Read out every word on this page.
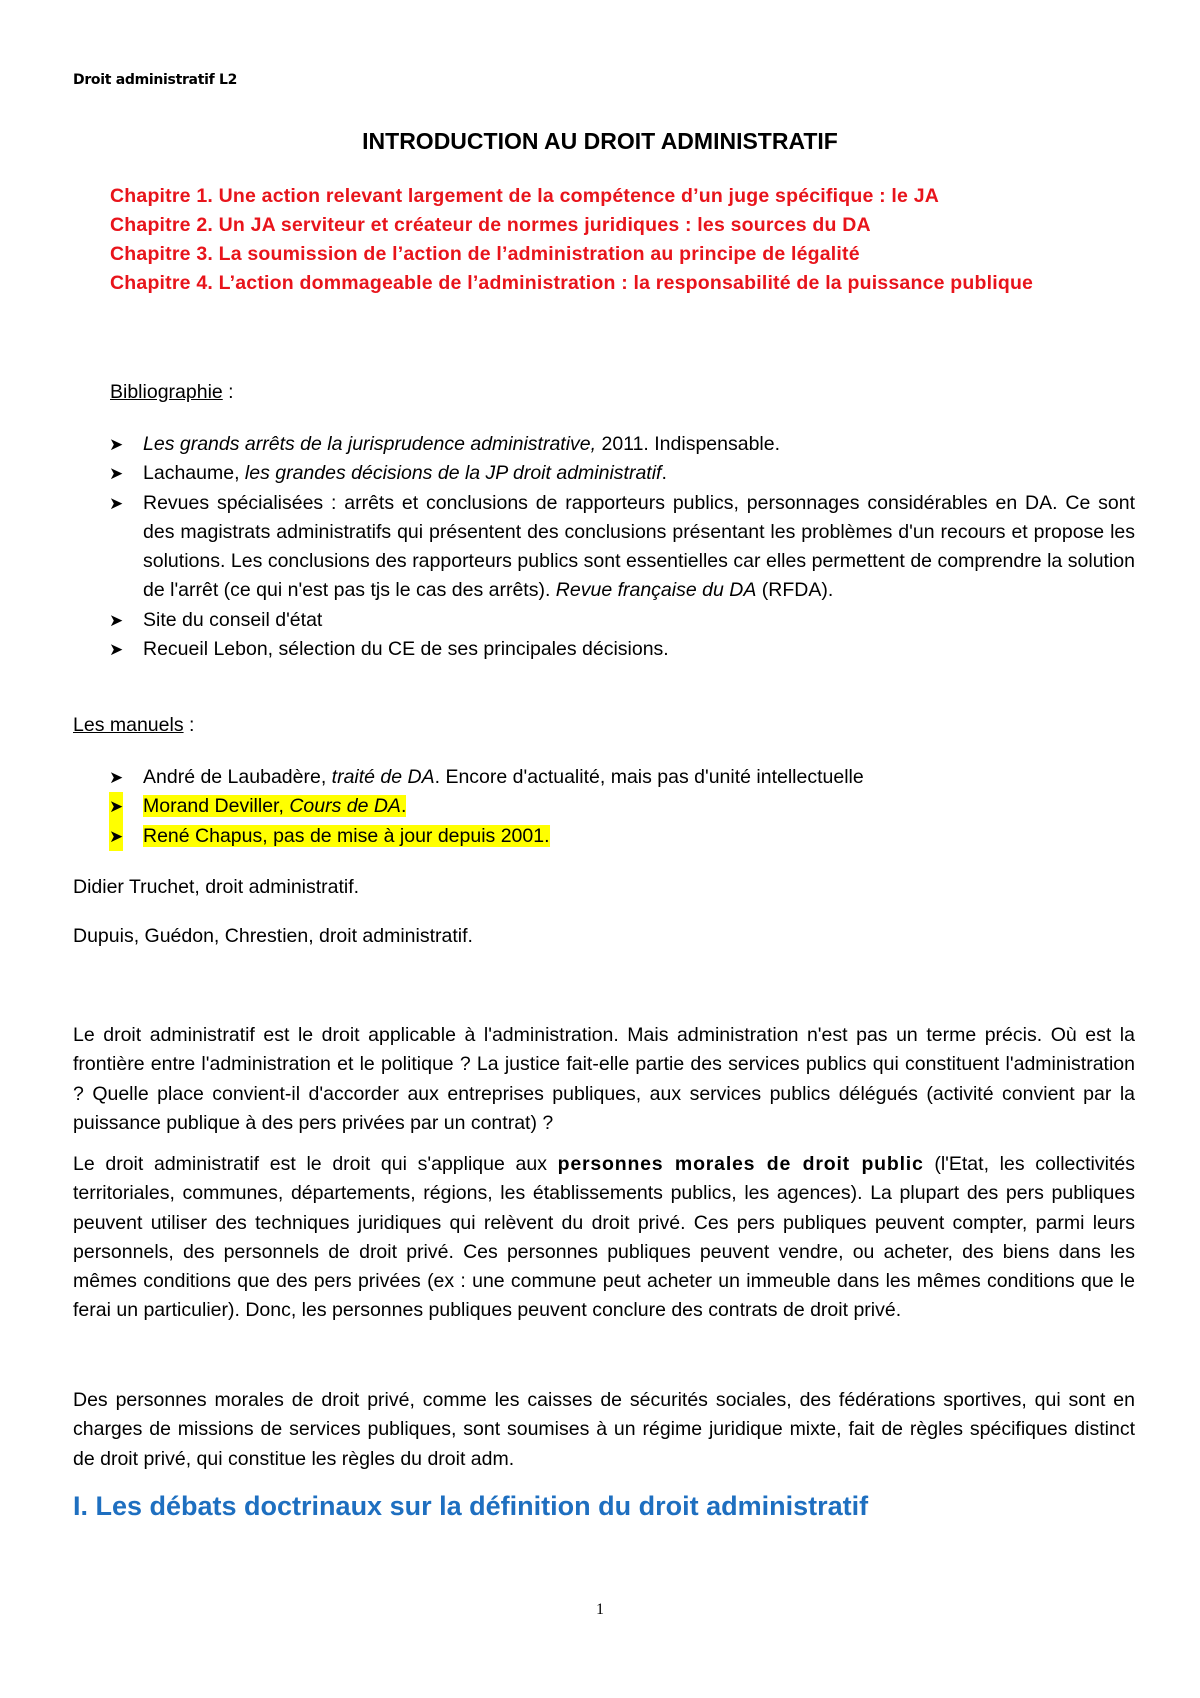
Droit administratif L2
INTRODUCTION AU DROIT ADMINISTRATIF

Chapitre 1. Une action relevant largement de la compétence d’un juge spécifique : le JA

Chapitre 2. Un JA serviteur et créateur de normes juridiques : les sources du DA

Chapitre 3. La soumission de l’action de l’administration au principe de légalité

Chapitre 4. L’action dommageable de l’administration : la responsabilité de la puissance publique

Bibliographie :
➤ Les grands arrêts de la jurisprudence administrative, 2011. Indispensable.
➤ Lachaume, les grandes décisions de la JP droit administratif.
➤ Revues spécialisées : arrêts et conclusions de rapporteurs publics, personnages considérables en DA. Ce sont des magistrats administratifs qui présentent des conclusions présentant les problèmes d'un recours et propose les solutions. Les conclusions des rapporteurs publics sont essentielles car elles permettent de comprendre la solution de l'arrêt (ce qui n'est pas tjs le cas des arrêts). Revue française du DA (RFDA).
➤ Site du conseil d'état
➤ Recueil Lebon, sélection du CE de ses principales décisions.
Les manuels :
➤ André de Laubadère, traité de DA. Encore d'actualité, mais pas d'unité intellectuelle
➤ Morand Deviller, Cours de DA.
➤ René Chapus, pas de mise à jour depuis 2001.

Didier Truchet, droit administratif.

Dupuis, Guédon, Chrestien, droit administratif.

Le droit administratif est le droit applicable à l'administration. Mais administration n'est pas un terme précis. Où est la frontière entre l'administration et le politique ? La justice fait-elle partie des services publics qui constituent l'administration ? Quelle place convient-il d'accorder aux entreprises publiques, aux services publics délégués (activité convient par la puissance publique à des pers privées par un contrat) ?

Le droit administratif est le droit qui s'applique aux personnes morales de droit public (l'Etat, les collectivités territoriales, communes, départements, régions, les établissements publics, les agences). La plupart des pers publiques peuvent utiliser des techniques juridiques qui relèvent du droit privé. Ces pers publiques peuvent compter, parmi leurs personnels, des personnels de droit privé. Ces personnes publiques peuvent vendre, ou acheter, des biens dans les mêmes conditions que des pers privées (ex : une commune peut acheter un immeuble dans les mêmes conditions que le ferai un particulier). Donc, les personnes publiques peuvent conclure des contrats de droit privé.

Des personnes morales de droit privé, comme les caisses de sécurités sociales, des fédérations sportives, qui sont en charges de missions de services publiques, sont soumises à un régime juridique mixte, fait de règles spécifiques distinct de droit privé, qui constitue les règles du droit adm.

I. Les débats doctrinaux sur la définition du droit administratif
1
